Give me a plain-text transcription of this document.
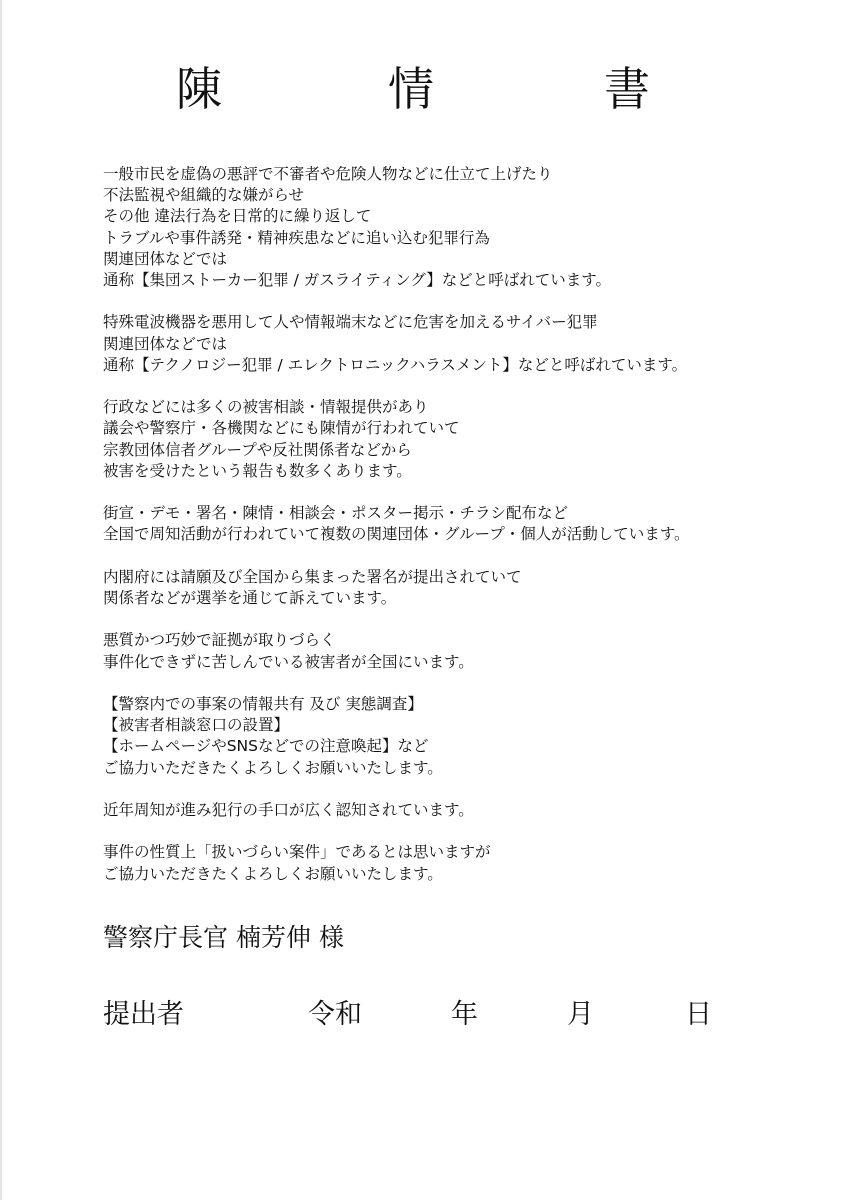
陳	情	書
一般市民を虚偽の悪評で不審者や危険人物などに仕立て上げたり
不法監視や組織的な嫌がらせ
その他 違法行為を日常的に繰り返して
トラブルや事件誘発・精神疾患などに追い込む犯罪行為
関連団体などでは
通称【集団ストーカー犯罪 / ガスライティング】などと呼ばれています。
特殊電波機器を悪用して人や情報端末などに危害を加えるサイバー犯罪
関連団体などでは
通称【テクノロジー犯罪 / エレクトロニックハラスメント】などと呼ばれています。
行政などには多くの被害相談・情報提供があり
議会や警察庁・各機関などにも陳情が行われていて
宗教団体信者グループや反社関係者などから
被害を受けたという報告も数多くあります。
街宣・デモ・署名・陳情・相談会・ポスター掲示・チラシ配布など
全国で周知活動が行われていて複数の関連団体・グループ・個人が活動しています。
内閣府には請願及び全国から集まった署名が提出されていて
関係者などが選挙を通じて訴えています。
悪質かつ巧妙で証拠が取りづらく
事件化できずに苦しんでいる被害者が全国にいます。
【警察内での事案の情報共有 及び 実態調査】
【被害者相談窓口の設置】
【ホームページやSNSなどでの注意喚起】など
ご協力いただきたくよろしくお願いいたします。
近年周知が進み犯行の手口が広く認知されています。
事件の性質上「扱いづらい案件」であるとは思いますが
ご協力いただきたくよろしくお願いいたします。
警察庁長官 楠芳伸 様
提出者	令和	年	月	日
